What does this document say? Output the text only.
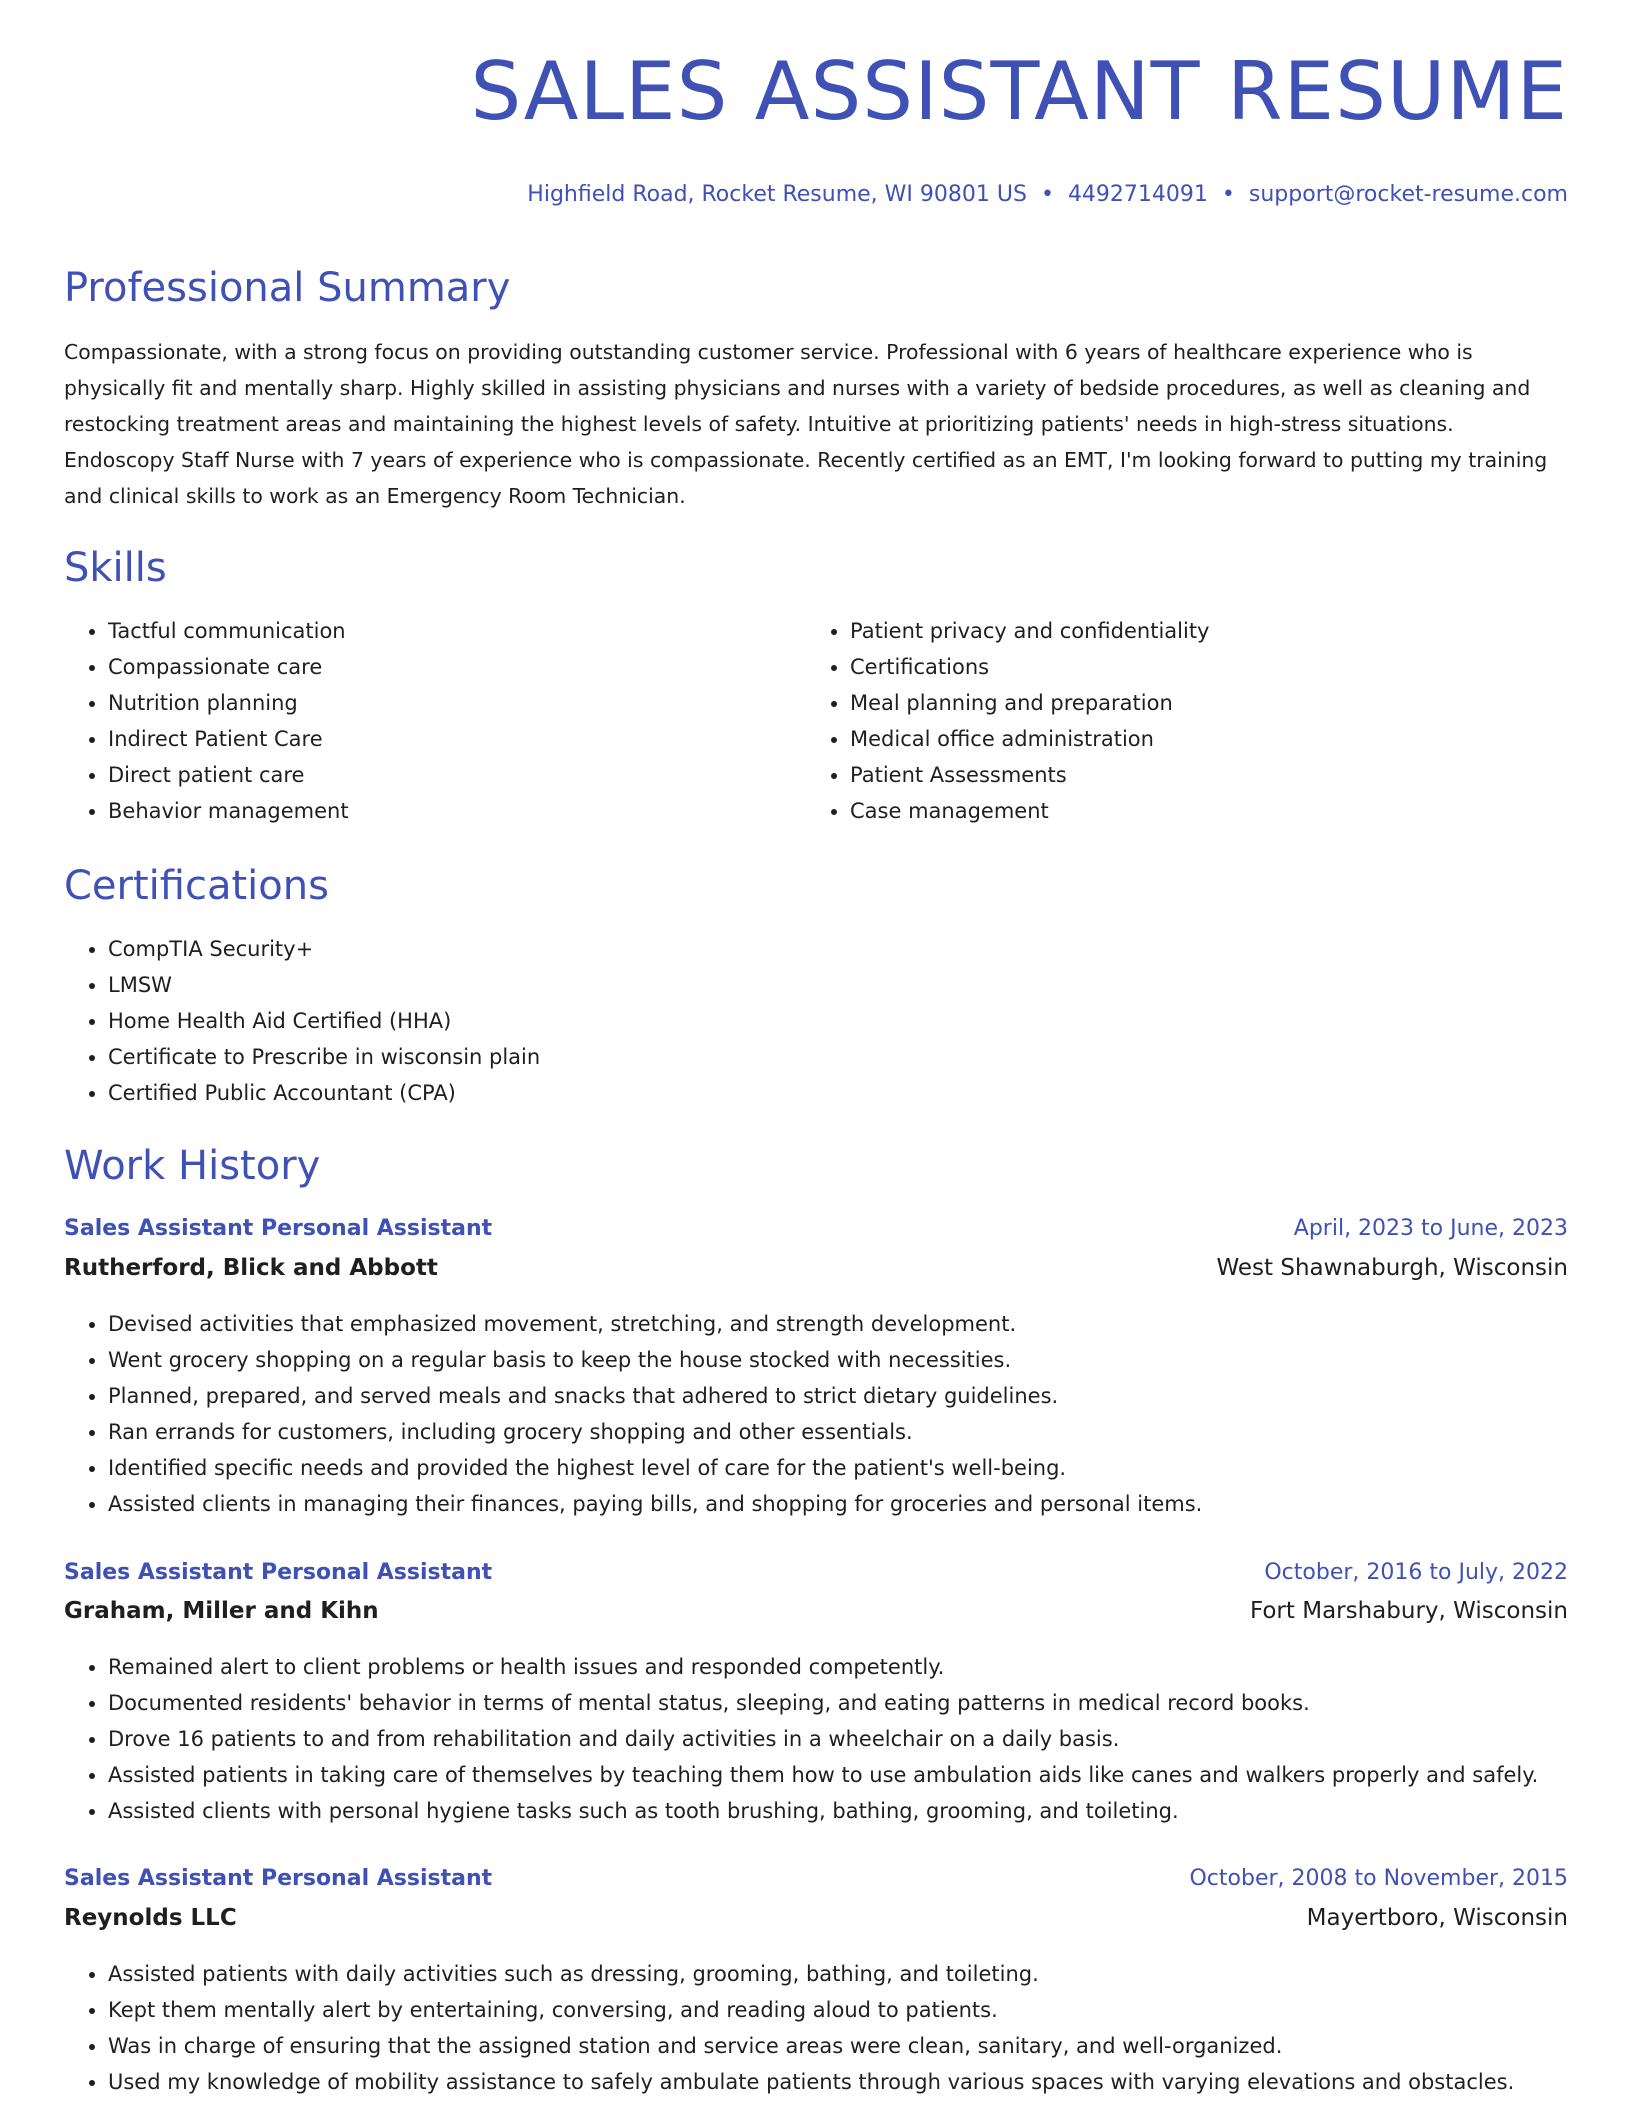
SALES ASSISTANT RESUME
Highfield Road, Rocket Resume, WI 90801 US • 4492714091 • support@rocket-resume.com
Professional Summary

Compassionate, with a strong focus on providing outstanding customer service. Professional with 6 years of healthcare experience who is physically fit and mentally sharp. Highly skilled in assisting physicians and nurses with a variety of bedside procedures, as well as cleaning and restocking treatment areas and maintaining the highest levels of safety. Intuitive at prioritizing patients' needs in high-stress situations. Endoscopy Staff Nurse with 7 years of experience who is compassionate. Recently certified as an EMT, I'm looking forward to putting my training and clinical skills to work as an Emergency Room Technician.

Skills
• Tactful communication
• Compassionate care
• Nutrition planning
• Indirect Patient Care
• Direct patient care
• Behavior management
• Patient privacy and confidentiality
• Certifications
• Meal planning and preparation
• Medical office administration
• Patient Assessments
• Case management
Certifications
• CompTIA Security+
• LMSW
• Home Health Aid Certified (HHA)
• Certificate to Prescribe in wisconsin plain
• Certified Public Accountant (CPA)
Work History
Sales Assistant Personal Assistant	April, 2023 to June, 2023
Rutherford, Blick and Abbott	West Shawnaburgh, Wisconsin
• Devised activities that emphasized movement, stretching, and strength development.
• Went grocery shopping on a regular basis to keep the house stocked with necessities.
• Planned, prepared, and served meals and snacks that adhered to strict dietary guidelines.
• Ran errands for customers, including grocery shopping and other essentials.
• Identified specific needs and provided the highest level of care for the patient's well-being.
• Assisted clients in managing their finances, paying bills, and shopping for groceries and personal items.
Sales Assistant Personal Assistant	October, 2016 to July, 2022
Graham, Miller and Kihn	Fort Marshabury, Wisconsin
• Remained alert to client problems or health issues and responded competently.
• Documented residents' behavior in terms of mental status, sleeping, and eating patterns in medical record books.
• Drove 16 patients to and from rehabilitation and daily activities in a wheelchair on a daily basis.
• Assisted patients in taking care of themselves by teaching them how to use ambulation aids like canes and walkers properly and safely.
• Assisted clients with personal hygiene tasks such as tooth brushing, bathing, grooming, and toileting.
Sales Assistant Personal Assistant	October, 2008 to November, 2015
Reynolds LLC	Mayertboro, Wisconsin
• Assisted patients with daily activities such as dressing, grooming, bathing, and toileting.
• Kept them mentally alert by entertaining, conversing, and reading aloud to patients.
• Was in charge of ensuring that the assigned station and service areas were clean, sanitary, and well-organized.
• Used my knowledge of mobility assistance to safely ambulate patients through various spaces with varying elevations and obstacles.
